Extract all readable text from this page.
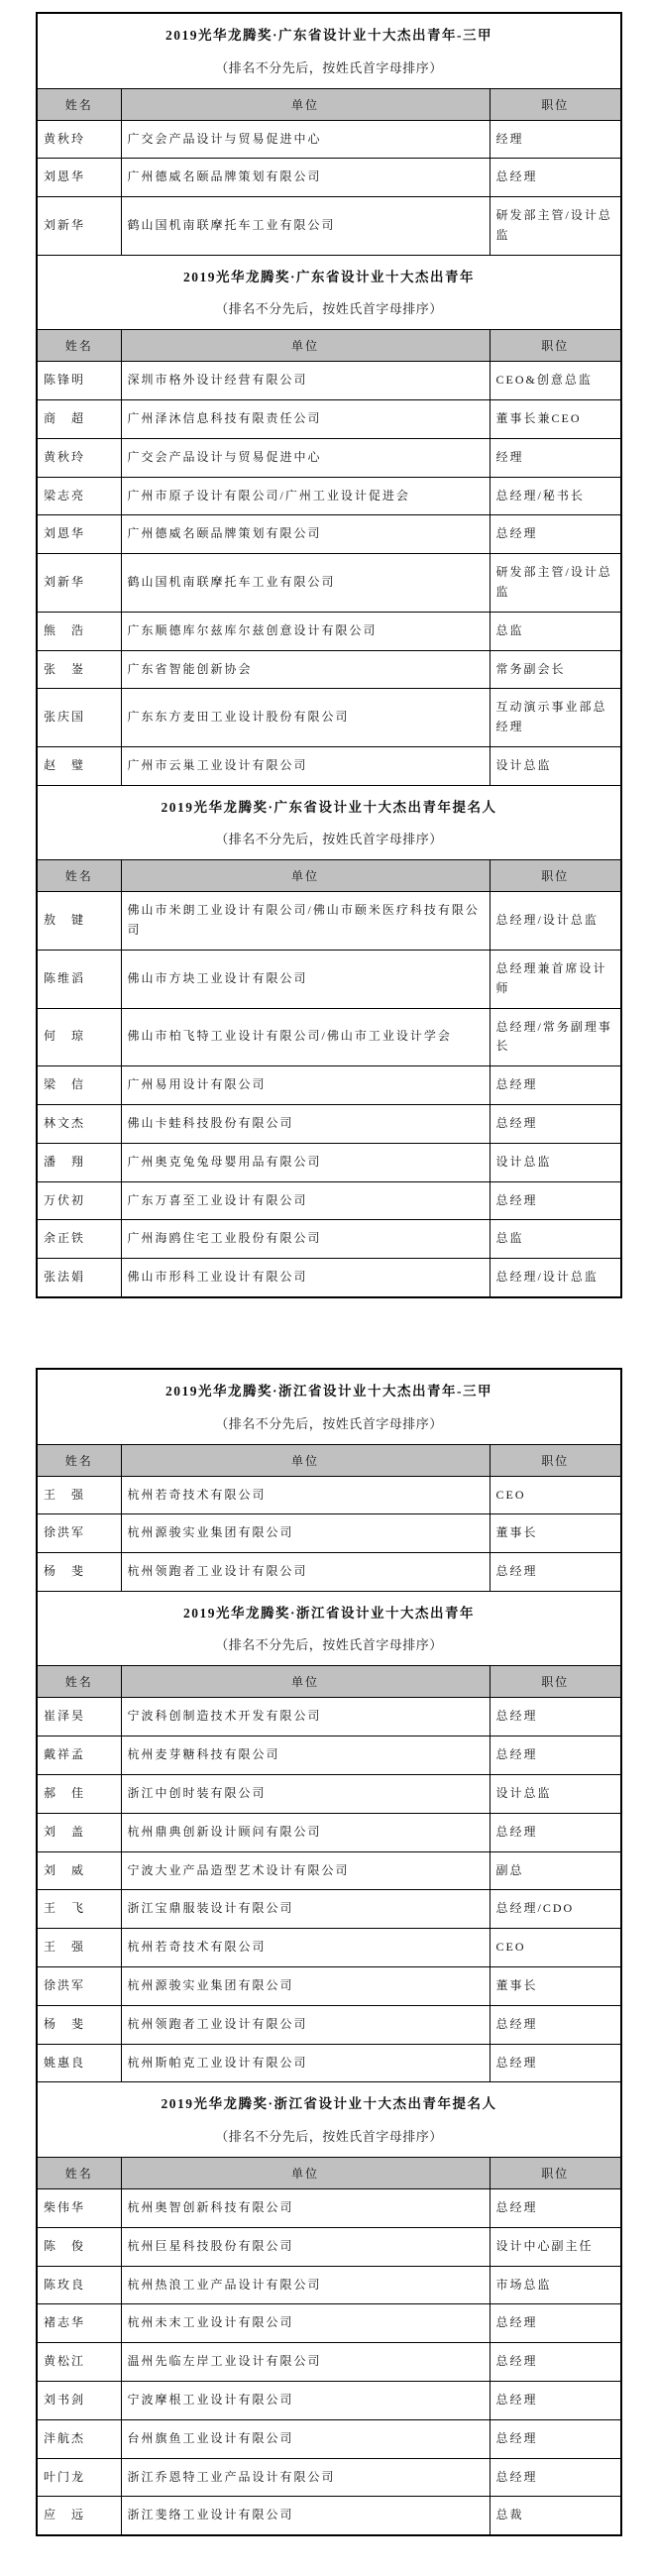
2019光华龙腾奖·广东省设计业十大杰出青年-三甲
（排名不分先后，按姓氏首字母排序）		

姓名	单位	职位
黄秋玲	广交会产品设计与贸易促进中心	经理
刘恩华	广州德威名颐品牌策划有限公司	总经理
刘新华	鹤山国机南联摩托车工业有限公司	研发部主管/设计总监

2019光华龙腾奖·广东省设计业十大杰出青年
（排名不分先后，按姓氏首字母排序）		

姓名	单位	职位
陈锋明	深圳市格外设计经营有限公司	CEO&创意总监
商　超	广州泽沐信息科技有限责任公司	董事长兼CEO
黄秋玲	广交会产品设计与贸易促进中心	经理
梁志亮	广州市原子设计有限公司/广州工业设计促进会	总经理/秘书长
刘恩华	广州德威名颐品牌策划有限公司	总经理
刘新华	鹤山国机南联摩托车工业有限公司	研发部主管/设计总监
熊　浩	广东顺德库尔兹库尔兹创意设计有限公司	总监
张　崟	广东省智能创新协会	常务副会长
张庆国	广东东方麦田工业设计股份有限公司	互动演示事业部总经理
赵　璧	广州市云巢工业设计有限公司	设计总监

2019光华龙腾奖·广东省设计业十大杰出青年提名人
（排名不分先后，按姓氏首字母排序）		

姓名	单位	职位
敖　键	佛山市米朗工业设计有限公司/佛山市颐米医疗科技有限公司	总经理/设计总监
陈维滔	佛山市方块工业设计有限公司	总经理兼首席设计师
何　琼	佛山市柏飞特工业设计有限公司/佛山市工业设计学会	总经理/常务副理事长
梁　信	广州易用设计有限公司	总经理
林文杰	佛山卡蛙科技股份有限公司	总经理
潘　翔	广州奥克兔兔母婴用品有限公司	设计总监
万伏初	广东万喜至工业设计有限公司	总经理
余正铁	广州海鸥住宅工业股份有限公司	总监
张法娟	佛山市形科工业设计有限公司	总经理/设计总监
2019光华龙腾奖·浙江省设计业十大杰出青年-三甲
（排名不分先后，按姓氏首字母排序）		

姓名	单位	职位
王　强	杭州若奇技术有限公司	CEO
徐洪军	杭州源骏实业集团有限公司	董事长
杨　斐	杭州领跑者工业设计有限公司	总经理

2019光华龙腾奖·浙江省设计业十大杰出青年
（排名不分先后，按姓氏首字母排序）		

姓名	单位	职位
崔泽昊	宁波科创制造技术开发有限公司	总经理
戴祥孟	杭州麦芽糖科技有限公司	总经理
郝　佳	浙江中创时装有限公司	设计总监
刘　盖	杭州鼎典创新设计顾问有限公司	总经理
刘　威	宁波大业产品造型艺术设计有限公司	副总
王　飞	浙江宝鼎服装设计有限公司	总经理/CDO
王　强	杭州若奇技术有限公司	CEO
徐洪军	杭州源骏实业集团有限公司	董事长
杨　斐	杭州领跑者工业设计有限公司	总经理
姚惠良	杭州斯帕克工业设计有限公司	总经理

2019光华龙腾奖·浙江省设计业十大杰出青年提名人
（排名不分先后，按姓氏首字母排序）		

姓名	单位	职位
柴伟华	杭州奥智创新科技有限公司	总经理
陈　俊	杭州巨星科技股份有限公司	设计中心副主任
陈玫良	杭州热浪工业产品设计有限公司	市场总监
褚志华	杭州未末工业设计有限公司	总经理
黄松江	温州先临左岸工业设计有限公司	总经理
刘书剑	宁波摩根工业设计有限公司	总经理
泮航杰	台州旗鱼工业设计有限公司	总经理
叶门龙	浙江乔恩特工业产品设计有限公司	总经理
应　远	浙江斐络工业设计有限公司	总裁
